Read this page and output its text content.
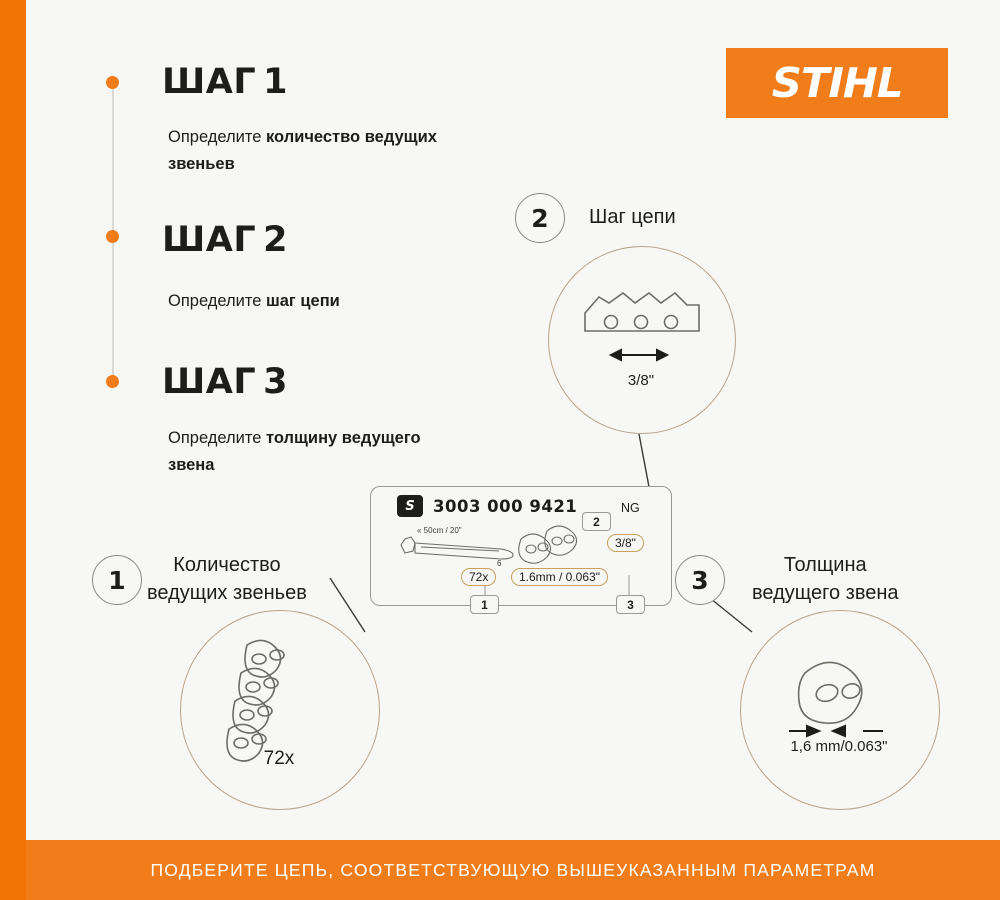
STIHL
ШАГ 1
Определите количество ведущих звеньев
ШАГ 2
Определите шаг цепи
ШАГ 3
Определите толщину ведущего звена
1
Количество
ведущих звеньев
2	Шаг цепи
3
Толщина
ведущего звена
3/8"
72x
1,6 mm/0.063"
S	3003 000 9421	NG
« 50cm / 20"
6
72x	1.6mm / 0.063"
3/8"
1	3
2
ПОДБЕРИТЕ ЦЕПЬ, СООТВЕТСТВУЮЩУЮ ВЫШЕУКАЗАННЫМ ПАРАМЕТРАМ
